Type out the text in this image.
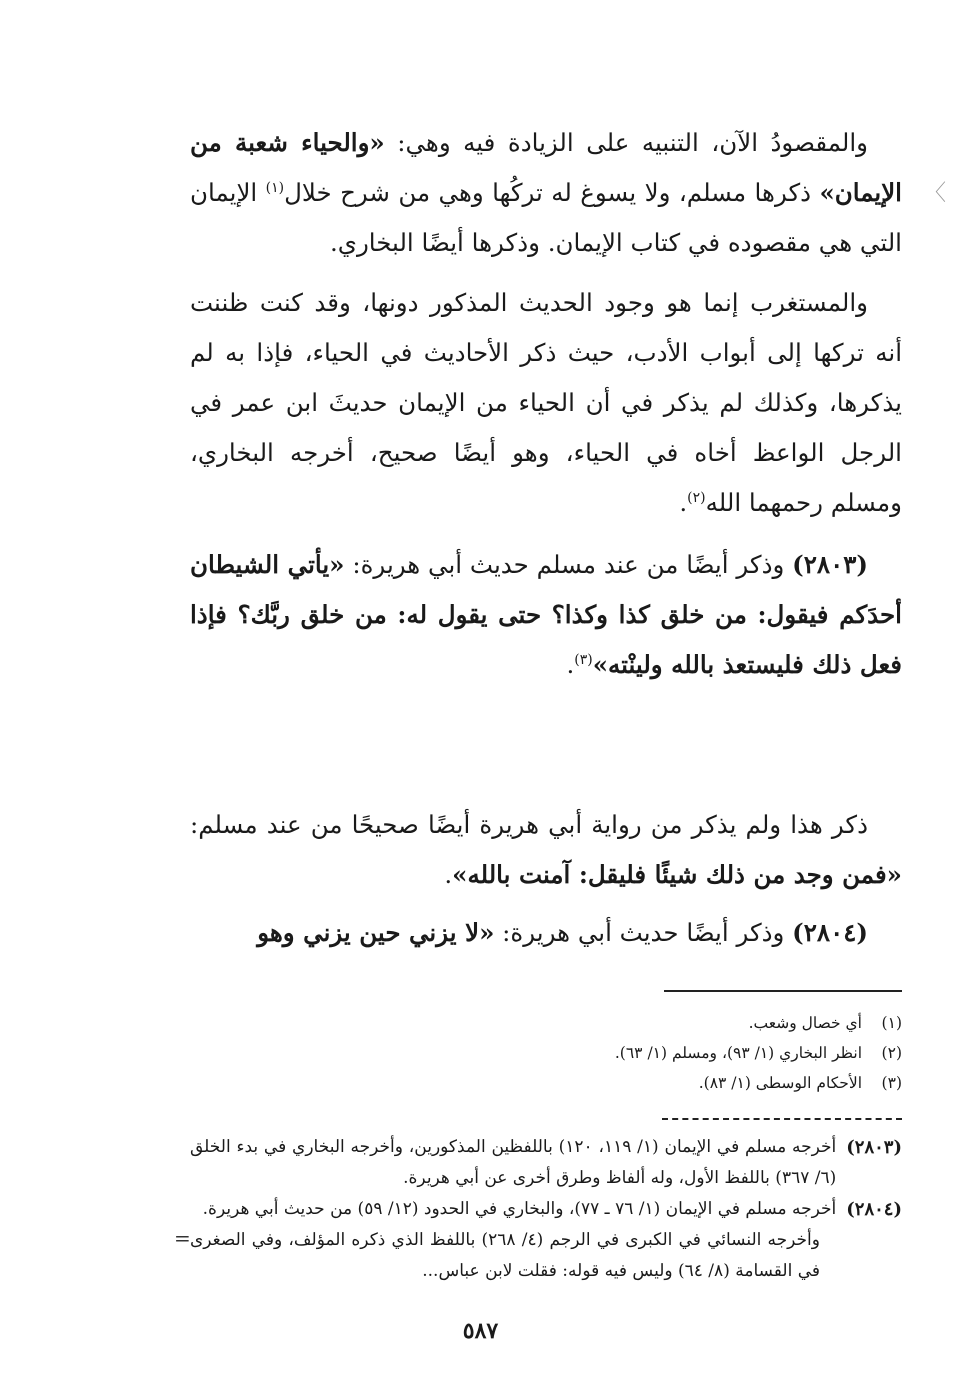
〈
=

والمقصودُ الآن، التنبيه على الزيادة فيه وهي: «والحياء شعبة من الإيمان» ذكرها مسلم، ولا يسوغ له تركُها وهي من شرح خلال$^{(١)}$ الإيمان التي هي مقصوده في كتاب الإيمان. وذكرها أيضًا البخاري.

والمستغرب إنما هو وجود الحديث المذكور دونها، وقد كنت ظننت أنه تركها إلى أبواب الأدب، حيث ذكر الأحاديث في الحياء، فإذا به لم يذكرها، وكذلك لم يذكر في أن الحياء من الإيمان حديثَ ابن عمر في الرجل الواعظ أخاه في الحياء، وهو أيضًا صحيح، أخرجه البخاري، ومسلم رحمهما الله$^{(٢)}$.

(٢٨٠٣) وذكر أيضًا من عند مسلم حديث أبي هريرة: «يأتي الشيطان أحدَكم فيقول: من خلق كذا وكذا؟ حتى يقول له: من خلق ربَّك؟ فإذا فعل ذلك فليستعذ بالله ولينْته»$^{(٣)}$.

ذكر هذا ولم يذكر من رواية أبي هريرة أيضًا صحيحًا من عند مسلم: «فمن وجد من ذلك شيئًا فليقل: آمنت بالله».

(٢٨٠٤) وذكر أيضًا حديث أبي هريرة: «لا يزني حين يزني وهو

(١)
أي خصال وشعب.
(٢)
انظر البخاري (١/ ٩٣)، ومسلم (١/ ٦٣).
(٣)
الأحكام الوسطى (١/ ٨٣).
(٢٨٠٣)
أخرجه مسلم في الإيمان (١/ ١١٩، ١٢٠) باللفظين المذكورين، وأخرجه البخاري في بدء الخلق (٦/ ٣٦٧) باللفظ الأول، وله ألفاظ وطرق أخرى عن أبي هريرة.
(٢٨٠٤)
أخرجه مسلم في الإيمان (١/ ٧٦ ـ ٧٧)، والبخاري في الحدود (١٢/ ٥٩) من حديث أبي هريرة.
وأخرجه النسائي في الكبرى في الرجم (٤/ ٢٦٨) باللفظ الذي ذكره المؤلف، وفي الصغرى في القسامة (٨/ ٦٤) وليس فيه قوله: فقلت لابن عباس...
٥٨٧
